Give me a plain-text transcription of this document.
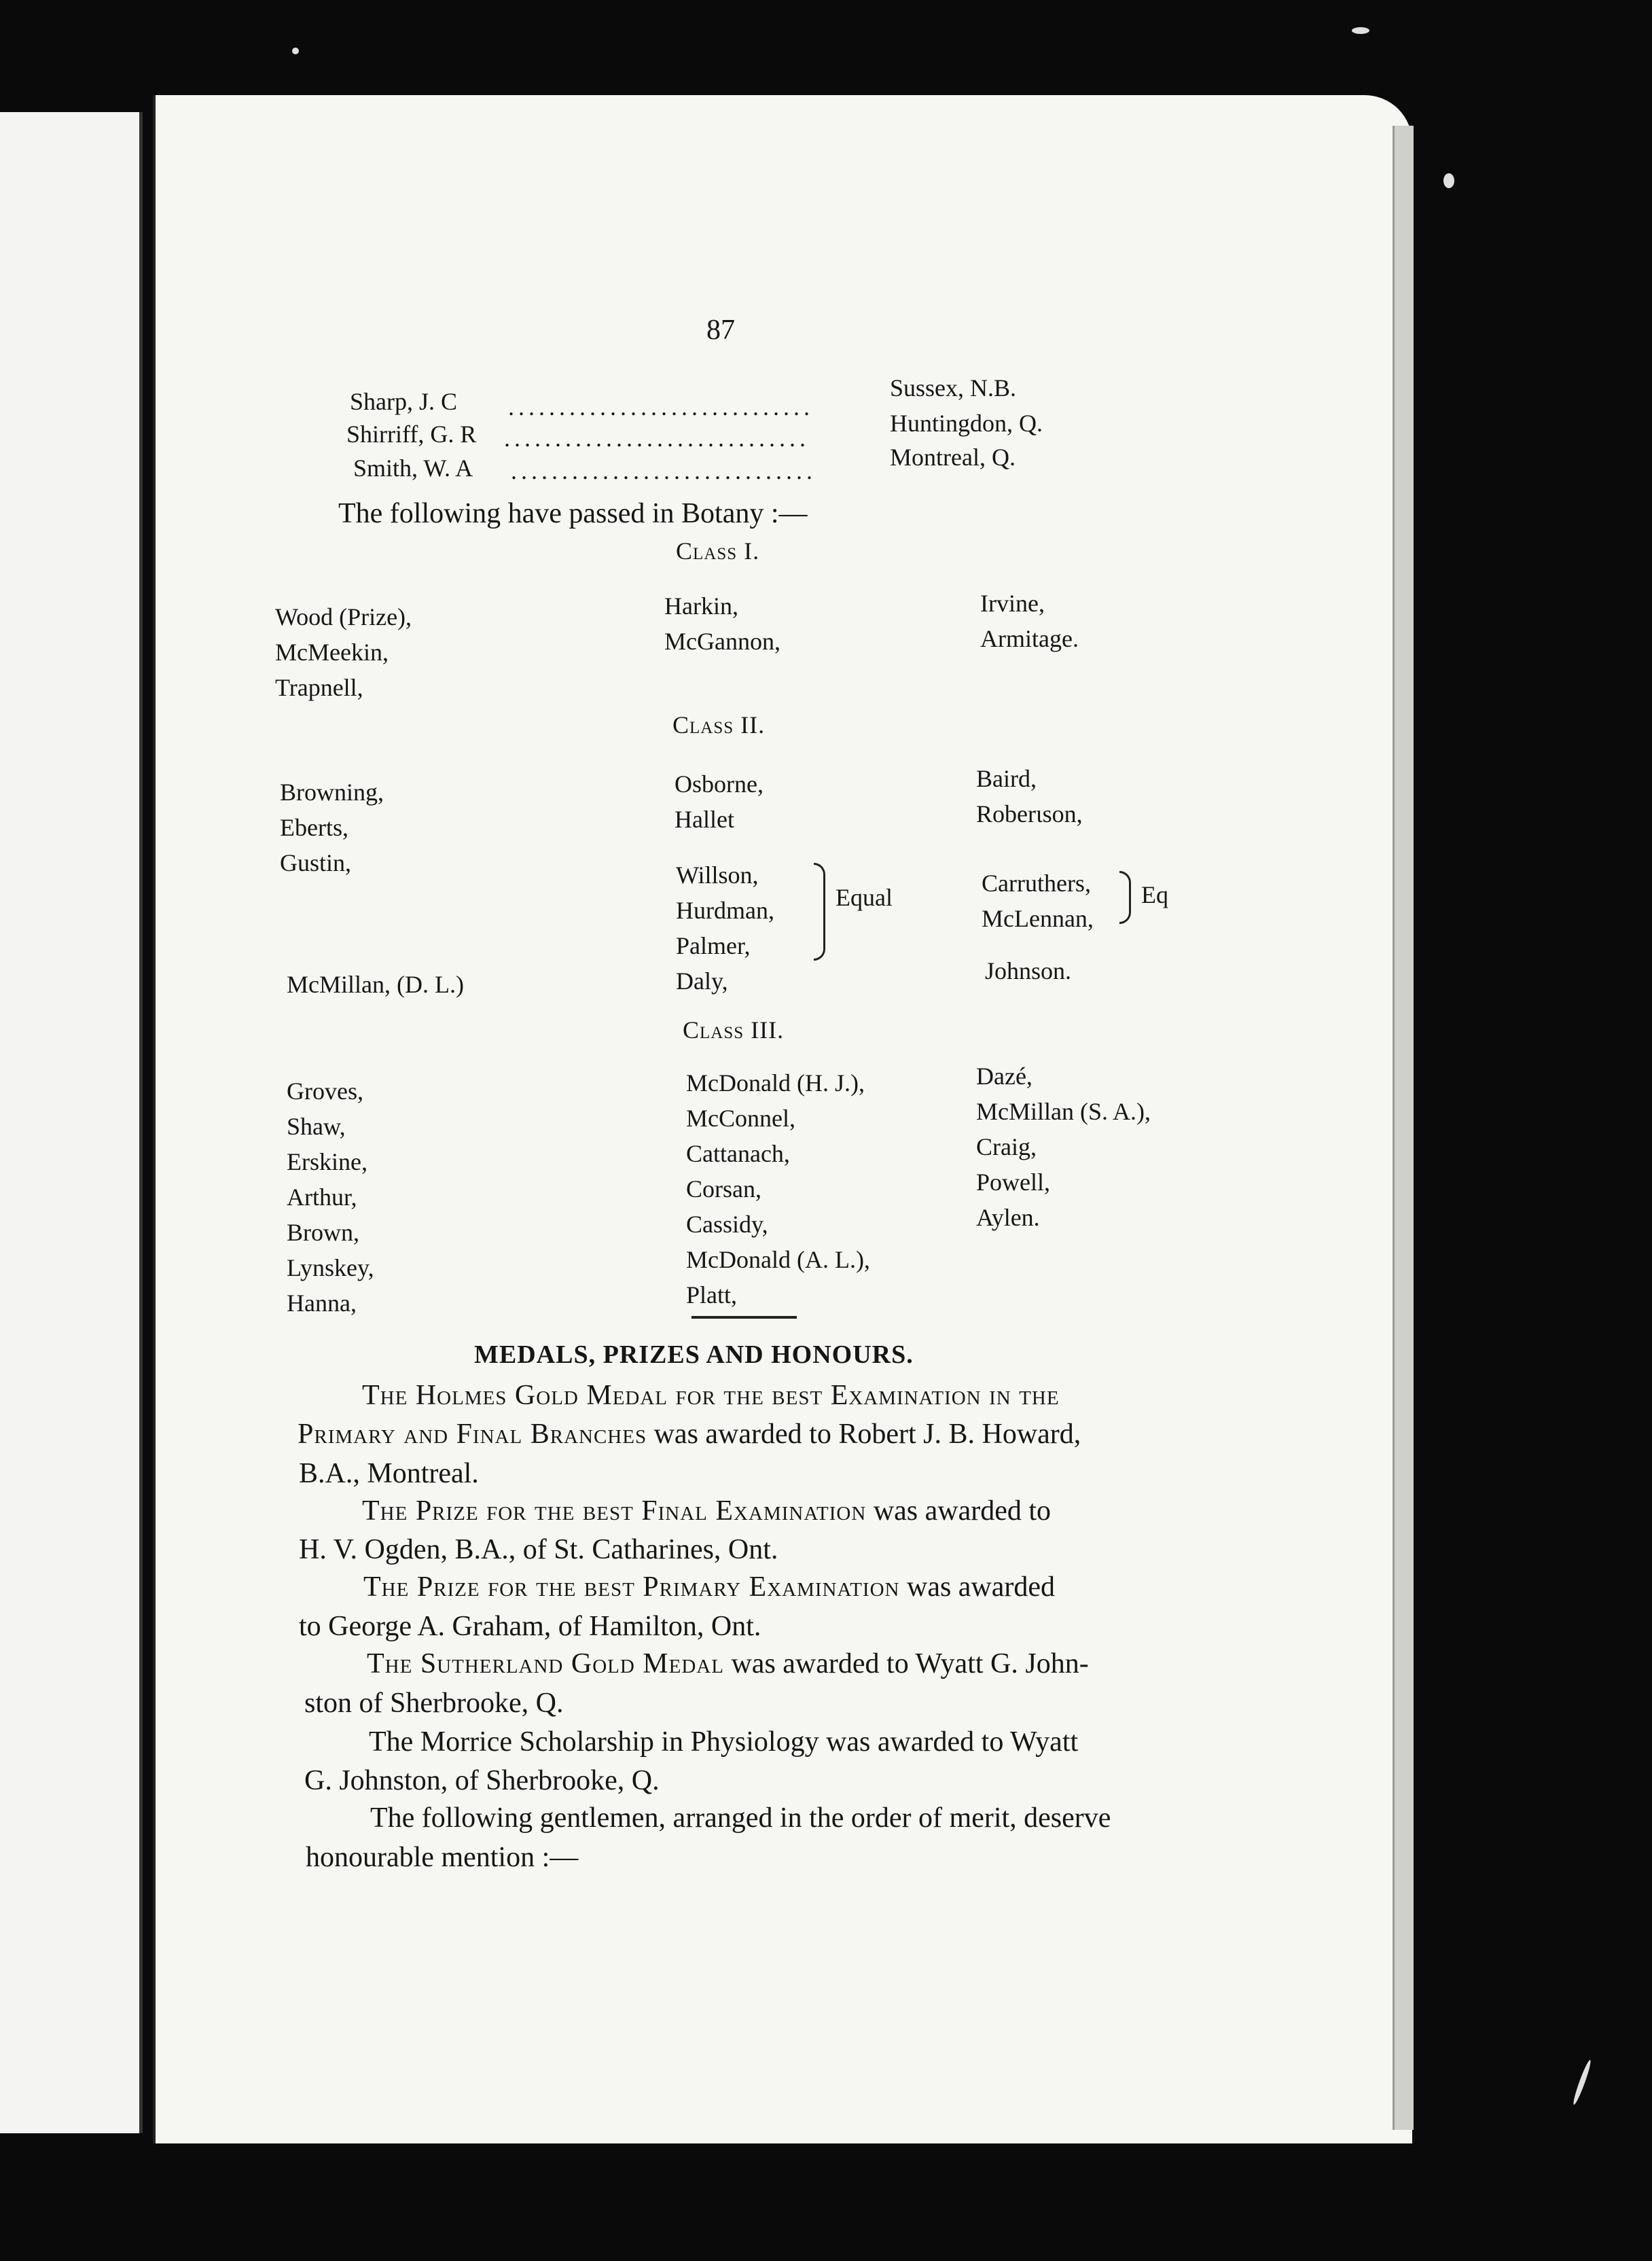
87
Sharp, J. C ..............................
Sussex, N.B.
Shirriff, G. R ..............................
Huntingdon, Q.
Smith, W. A ..............................	Montreal, Q.
The following have passed in Botany :—
Class I.
Wood (Prize),
McMeekin,
Trapnell,
Harkin,
McGannon,
Irvine,
Armitage.
Class II.
Browning,
Eberts,
Gustin,
McMillan, (D. L.)
Osborne,
Hallet
Willson,
Hurdman,
Palmer,
Daly,
Equal
Baird,
Roberɩson,
Carruthers,
McLennan,
Eq
Johnson.
Class III.
Groves,
Shaw,
Erskine,
Arthur,
Brown,
Lynskey,
Hanna,
McDonald (H. J.),
McConnel,
Cattanach,
Corsan,
Cassidy,
McDonald (A. L.),
Platt,
Dazé,
McMillan (S. A.),
Craig,
Powell,
Aylen.
MEDALS, PRIZES AND HONOURS.
The Holmes Gold Medal for the best Examination in the
Primary and Final Branches was awarded to Robert J. B. Howard,
B.A., Montreal.
The Prize for the best Final Examination was awarded to
H. V. Ogden, B.A., of St. Catharines, Ont.
The Prize for the best Primary Examination was awarded
to George A. Graham, of Hamilton, Ont.
The Sutherland Gold Medal was awarded to Wyatt G. John-
ston of Sherbrooke, Q.
The Morrice Scholarship in Physiology was awarded to Wyatt
G. Johnston, of Sherbrooke, Q.
The following gentlemen, arranged in the order of merit, deserve
honourable mention :—
